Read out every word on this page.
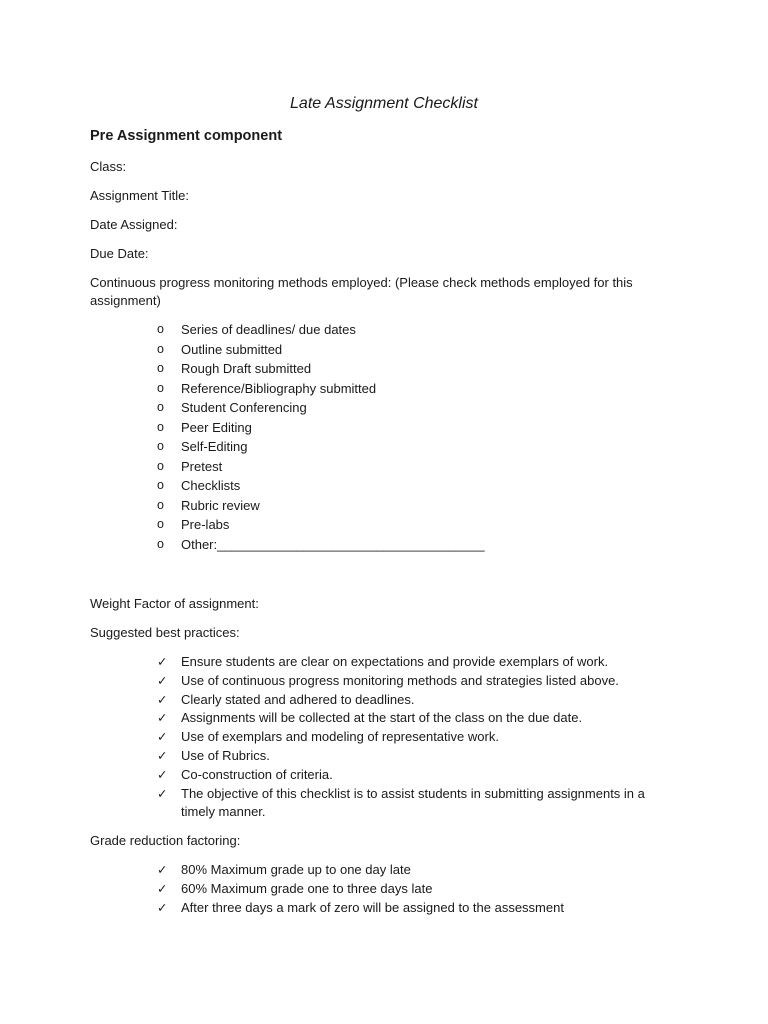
Late Assignment Checklist
Pre Assignment component
Class:
Assignment Title:
Date Assigned:
Due Date:
Continuous progress monitoring methods employed: (Please check methods employed for this assignment)
o	Series of deadlines/ due dates
o	Outline submitted
o	Rough Draft submitted
o	Reference/Bibliography submitted
o	Student Conferencing
o	Peer Editing
o	Self-Editing
o	Pretest
o	Checklists
o	Rubric review
o	Pre-labs
o	Other:_____________________________________
Weight Factor of assignment:
Suggested best practices:
✓	Ensure students are clear on expectations and provide exemplars of work.
✓	Use of continuous progress monitoring methods and strategies listed above.
✓	Clearly stated and adhered to deadlines.
✓	Assignments will be collected at the start of the class on the due date.
✓	Use of exemplars and modeling of representative work.
✓	Use of Rubrics.
✓	Co-construction of criteria.
✓	The objective of this checklist is to assist students in submitting assignments in a timely manner.
Grade reduction factoring:
✓	80% Maximum grade up to one day late
✓	60% Maximum grade one to three days late
✓	After three days a mark of zero will be assigned to the assessment
